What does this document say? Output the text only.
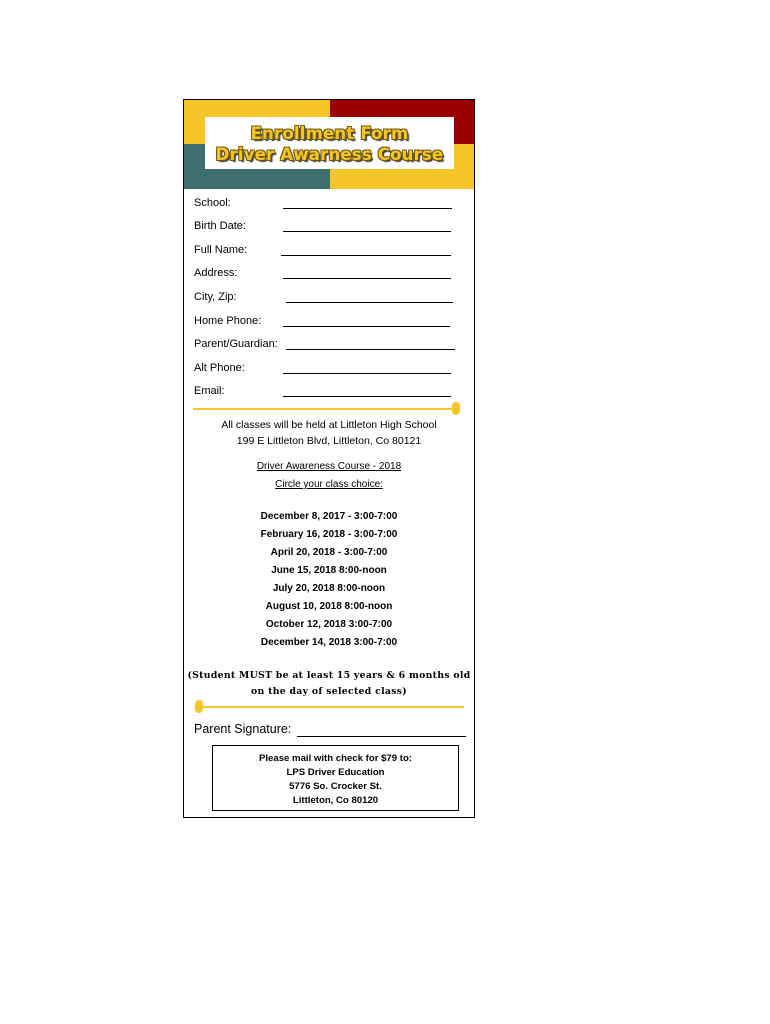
Enrollment Form
Driver Awarness Course
School:
Birth Date:
Full Name:
Address:
City, Zip:
Home Phone:
Parent/Guardian:
Alt Phone:
Email:
All classes will be held at Littleton High School
199 E Littleton Blvd, Littleton, Co 80121
Driver Awareness Course - 2018
Circle your class choice:
December 8, 2017 - 3:00-7:00
February 16, 2018 - 3:00-7:00
April 20, 2018 - 3:00-7:00
June 15, 2018 8:00-noon
July 20, 2018 8:00-noon
August 10, 2018 8:00-noon
October 12, 2018 3:00-7:00
December 14, 2018 3:00-7:00
(Student MUST be at least 15 years & 6 months old
on the day of selected class)
Parent Signature:
Please mail with check for $79 to:
LPS Driver Education
5776 So. Crocker St.
Littleton, Co 80120
